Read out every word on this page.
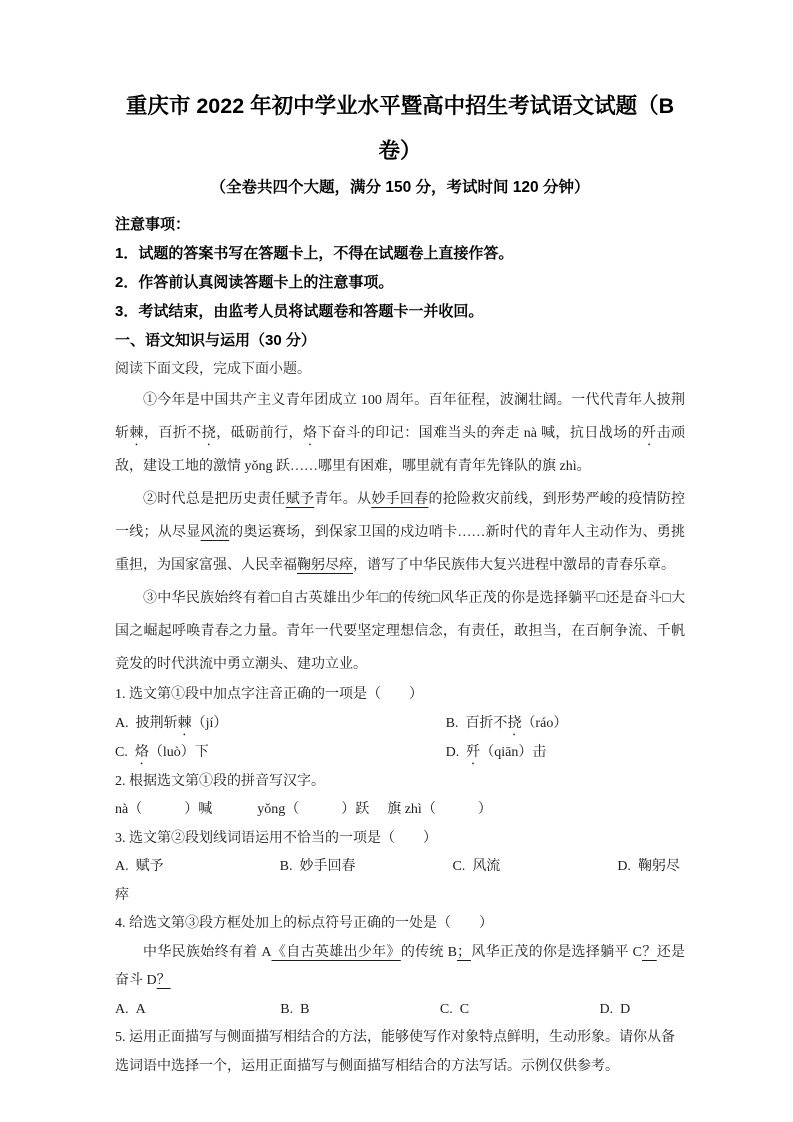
重庆市 2022 年初中学业水平暨高中招生考试语文试题（B卷）
（全卷共四个大题，满分 150 分，考试时间 120 分钟）
注意事项：
1．试题的答案书写在答题卡上，不得在试题卷上直接作答。
2．作答前认真阅读答题卡上的注意事项。
3．考试结束，由监考人员将试题卷和答题卡一并收回。
一、语文知识与运用（30 分）
阅读下面文段，完成下面小题。

①今年是中国共产主义青年团成立 100 周年。百年征程，波澜壮阔。一代代青年人披荆斩棘，百折不挠，砥砺前行，烙下奋斗的印记：国难当头的奔走 nà 喊，抗日战场的歼击顽敌，建设工地的激情 yǒng 跃……哪里有困难，哪里就有青年先锋队的旗 zhì。

②时代总是把历史责任赋予青年。从妙手回春的抢险救灾前线，到形势严峻的疫情防控一线；从尽显风流的奥运赛场，到保家卫国的戍边哨卡……新时代的青年人主动作为、勇挑重担，为国家富强、人民幸福鞠躬尽瘁，谱写了中华民族伟大复兴进程中激昂的青春乐章。

③中华民族始终有着□自古英雄出少年□的传统□风华正茂的你是选择躺平□还是奋斗□大国之崛起呼唤青春之力量。青年一代要坚定理想信念，有责任，敢担当，在百舸争流、千帆竞发的时代洪流中勇立潮头、建功立业。

1. 选文第①段中加点字注音正确的一项是（　　）
A. 披荆斩棘（jí）	B. 百折不挠（ráo）
C. 烙（luò）下	D. 歼（qiān）击
2. 根据选文第①段的拼音写汉字。
nà（　　　）喊	yǒng（　　　）跃 旗 zhì（　　　）
3. 选文第②段划线词语运用不恰当的一项是（　　）
A. 赋予	B. 妙手回春	C. 风流	D. 鞠躬尽瘁
4. 给选文第③段方框处加上的标点符号正确的一处是（　　）
中华民族始终有着 A《自古英雄出少年》的传统 B；风华正茂的你是选择躺平 C？还是奋斗 D？
A. A	B. B	C. C	D. D
5. 运用正面描写与侧面描写相结合的方法，能够使写作对象特点鲜明，生动形象。请你从备选词语中选择一个，运用正面描写与侧面描写相结合的方法写话。示例仅供参考。
